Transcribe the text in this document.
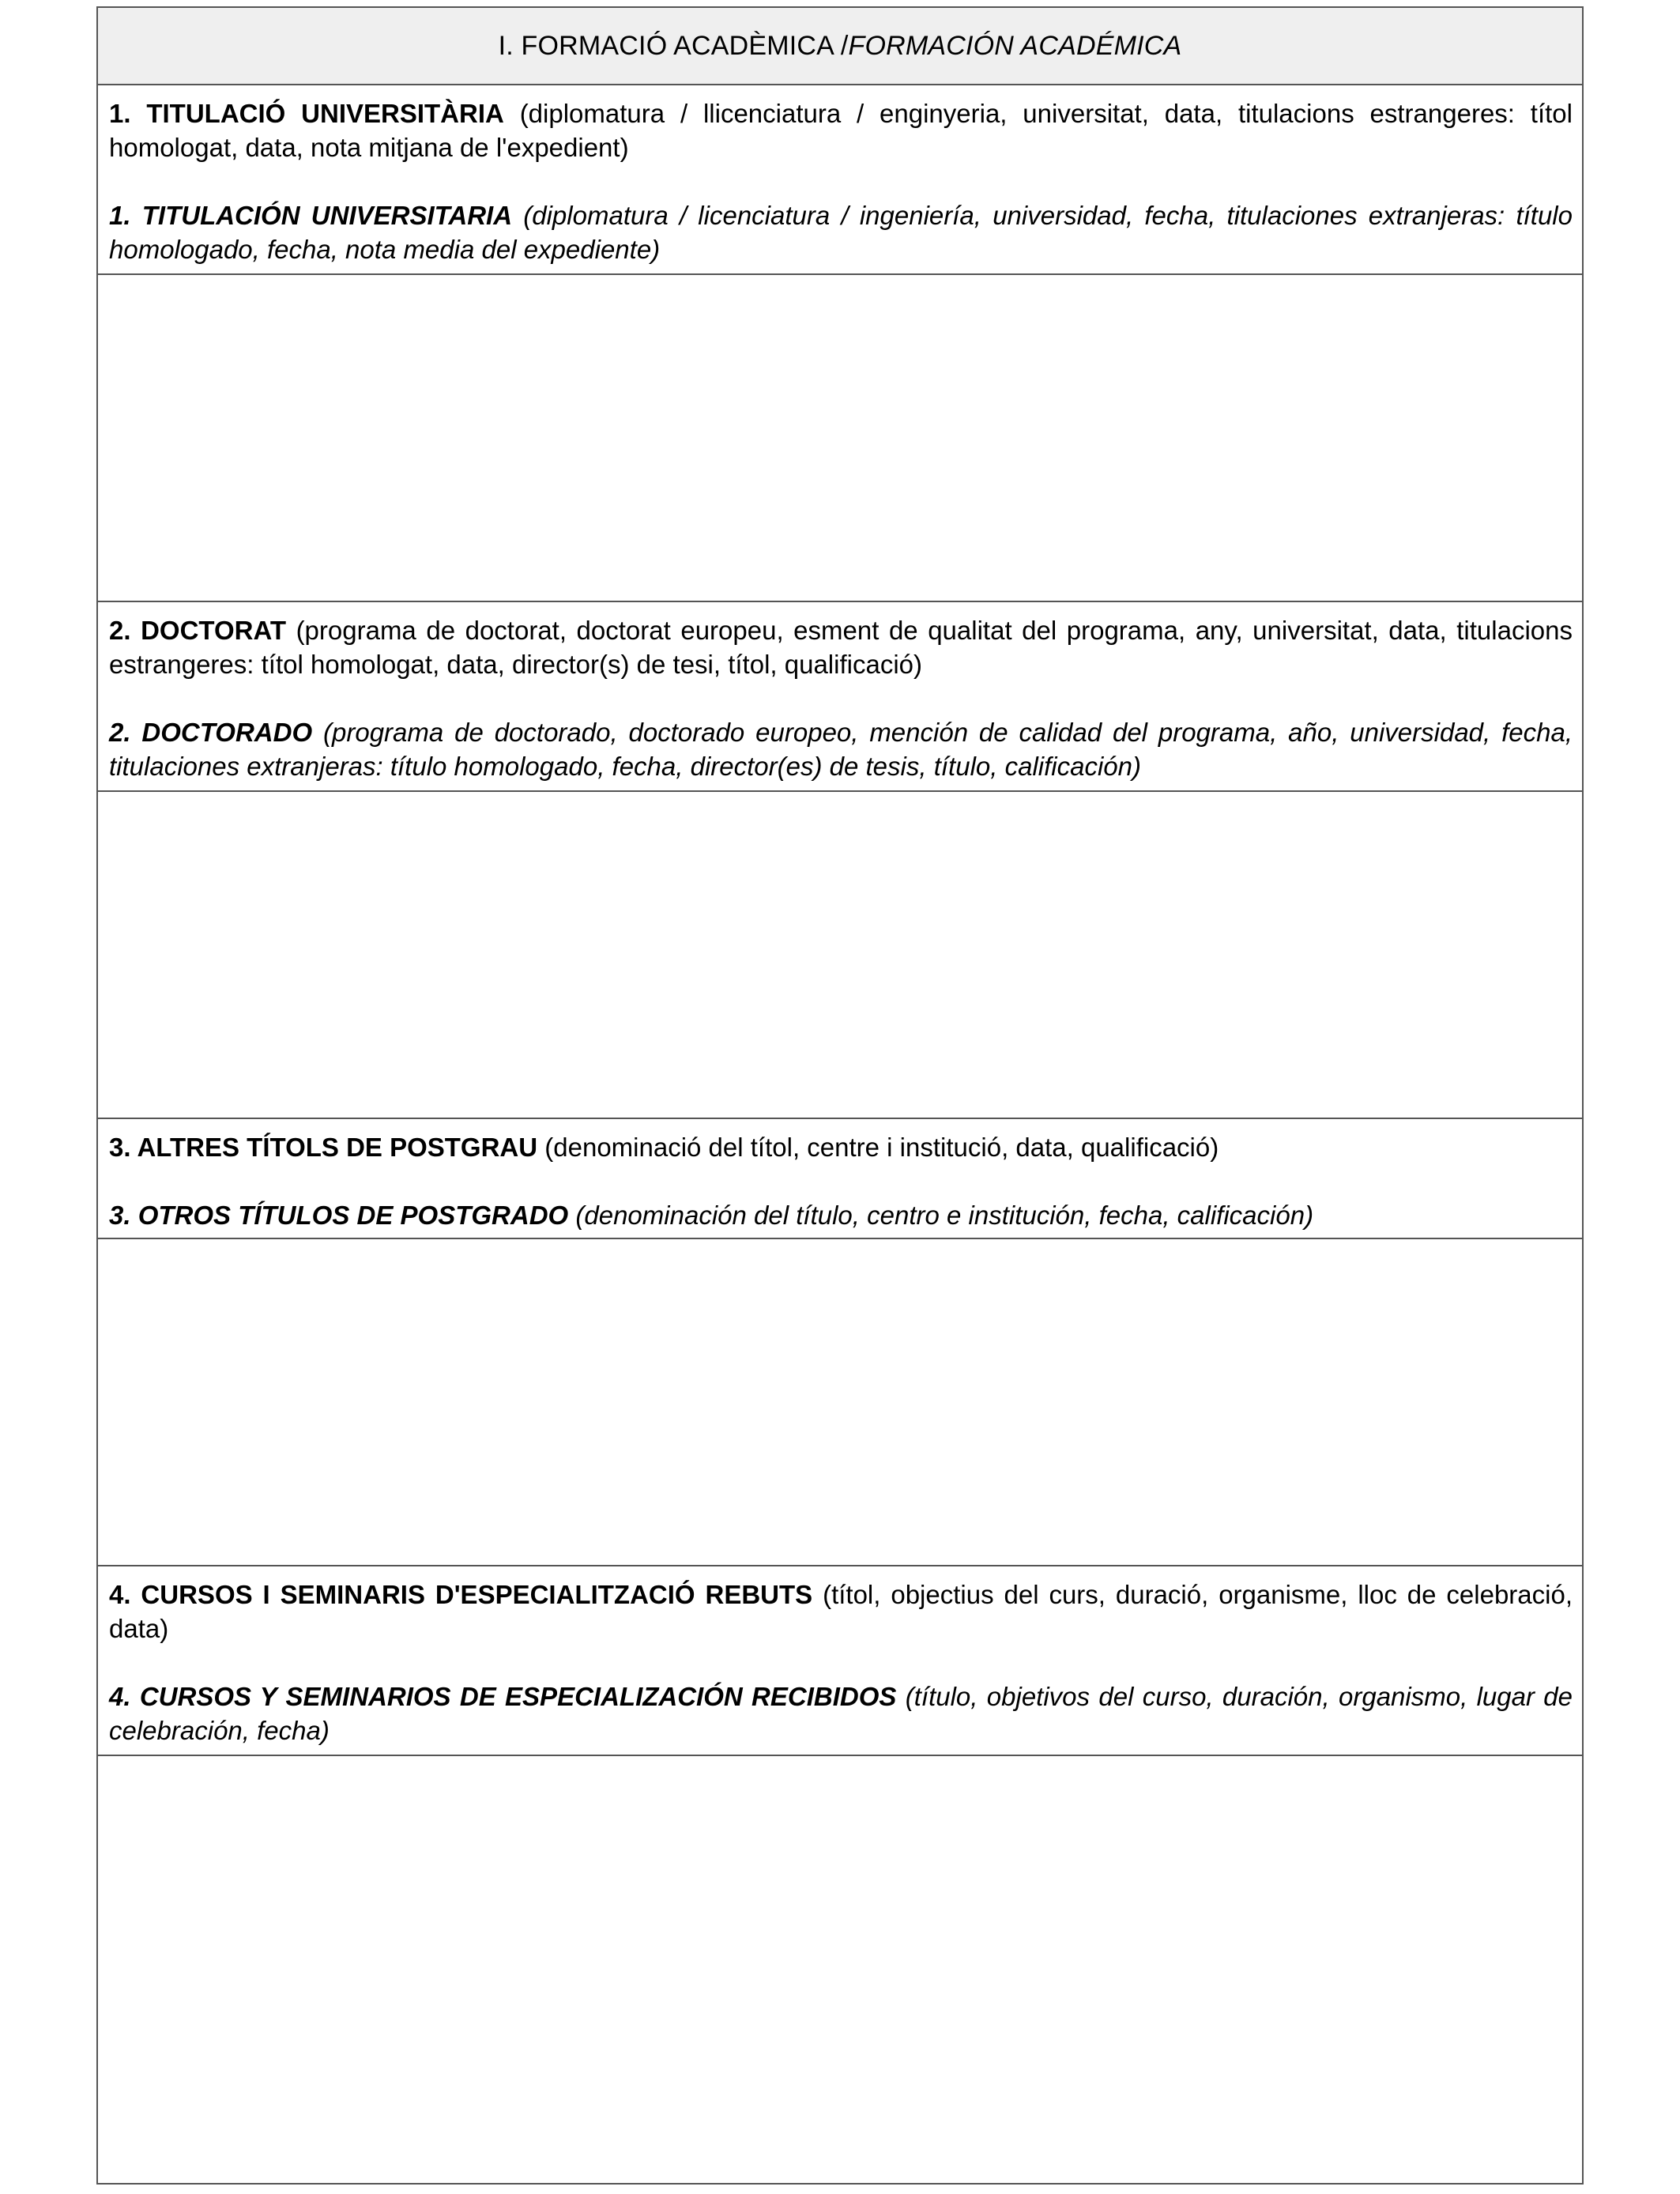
I. FORMACIÓ ACADÈMICA / FORMACIÓN ACADÉMICA

1. TITULACIÓ UNIVERSITÀRIA (diplomatura / llicenciatura / enginyeria, universitat, data, titulacions estrangeres: títol homologat, data, nota mitjana de l'expedient)

1. TITULACIÓN UNIVERSITARIA (diplomatura / licenciatura / ingeniería, universidad, fecha, titulaciones extranjeras: título homologado, fecha, nota media del expediente)

2. DOCTORAT (programa de doctorat, doctorat europeu, esment de qualitat del programa, any, universitat, data, titulacions estrangeres: títol homologat, data, director(s) de tesi, títol, qualificació)

2. DOCTORADO (programa de doctorado, doctorado europeo, mención de calidad del programa, año, universidad, fecha, titulaciones extranjeras: título homologado, fecha, director(es) de tesis, título, calificación)

3. ALTRES TÍTOLS DE POSTGRAU (denominació del títol, centre i institució, data, qualificació)

3. OTROS TÍTULOS DE POSTGRADO (denominación del título, centro e institución, fecha, calificación)

4. CURSOS I SEMINARIS D'ESPECIALITZACIÓ REBUTS (títol, objectius del curs, duració, organisme, lloc de celebració, data)

4. CURSOS Y SEMINARIOS DE ESPECIALIZACIÓN RECIBIDOS (título, objetivos del curso, duración, organismo, lugar de celebración, fecha)
